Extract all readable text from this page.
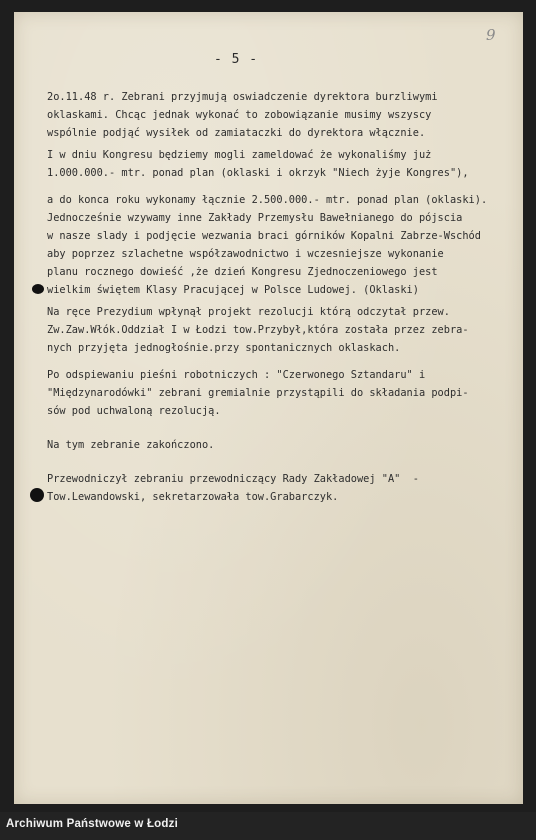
- 5 -
9
2o.11.48 r. Zebrani przyjmują oswiadczenie dyrektora burzliwymi
oklaskami. Chcąc jednak wykonać to zobowiązanie musimy wszyscy
wspólnie podjąć wysiłek od zamiataczki do dyrektora włącznie.
I w dniu Kongresu będziemy mogli zameldować że wykonaliśmy już
1.000.000.- mtr. ponad plan (oklaski i okrzyk "Niech żyje Kongres"),
a do konca roku wykonamy łącznie 2.500.000.- mtr. ponad plan (oklaski).
Jednocześnie wzywamy inne Zakłady Przemysłu Bawełnianego do pójscia
w nasze slady i podjęcie wezwania braci górników Kopalni Zabrze-Wschód
aby poprzez szlachetne współzawodnictwo i wczesniejsze wykonanie
planu rocznego dowieść ,że dzień Kongresu Zjednoczeniowego jest
wielkim świętem Klasy Pracującej w Polsce Ludowej. (Oklaski)
Na ręce Prezydium wpłynął projekt rezolucji którą odczytał przew.
Zw.Zaw.Włók.Oddział I w Łodzi tow.Przybył,która została przez zebra-
nych przyjęta jednogłośnie.przy spontanicznych oklaskach.
Po odspiewaniu pieśni robotniczych : "Czerwonego Sztandaru" i
"Międzynarodówki" zebrani gremialnie przystąpili do składania podpi-
sów pod uchwaloną rezolucją.
Na tym zebranie zakończono.
Przewodniczył zebraniu przewodniczący Rady Zakładowej "A"  -
Tow.Lewandowski, sekretarzowała tow.Grabarczyk.
Archiwum Państwowe w Łodzi
